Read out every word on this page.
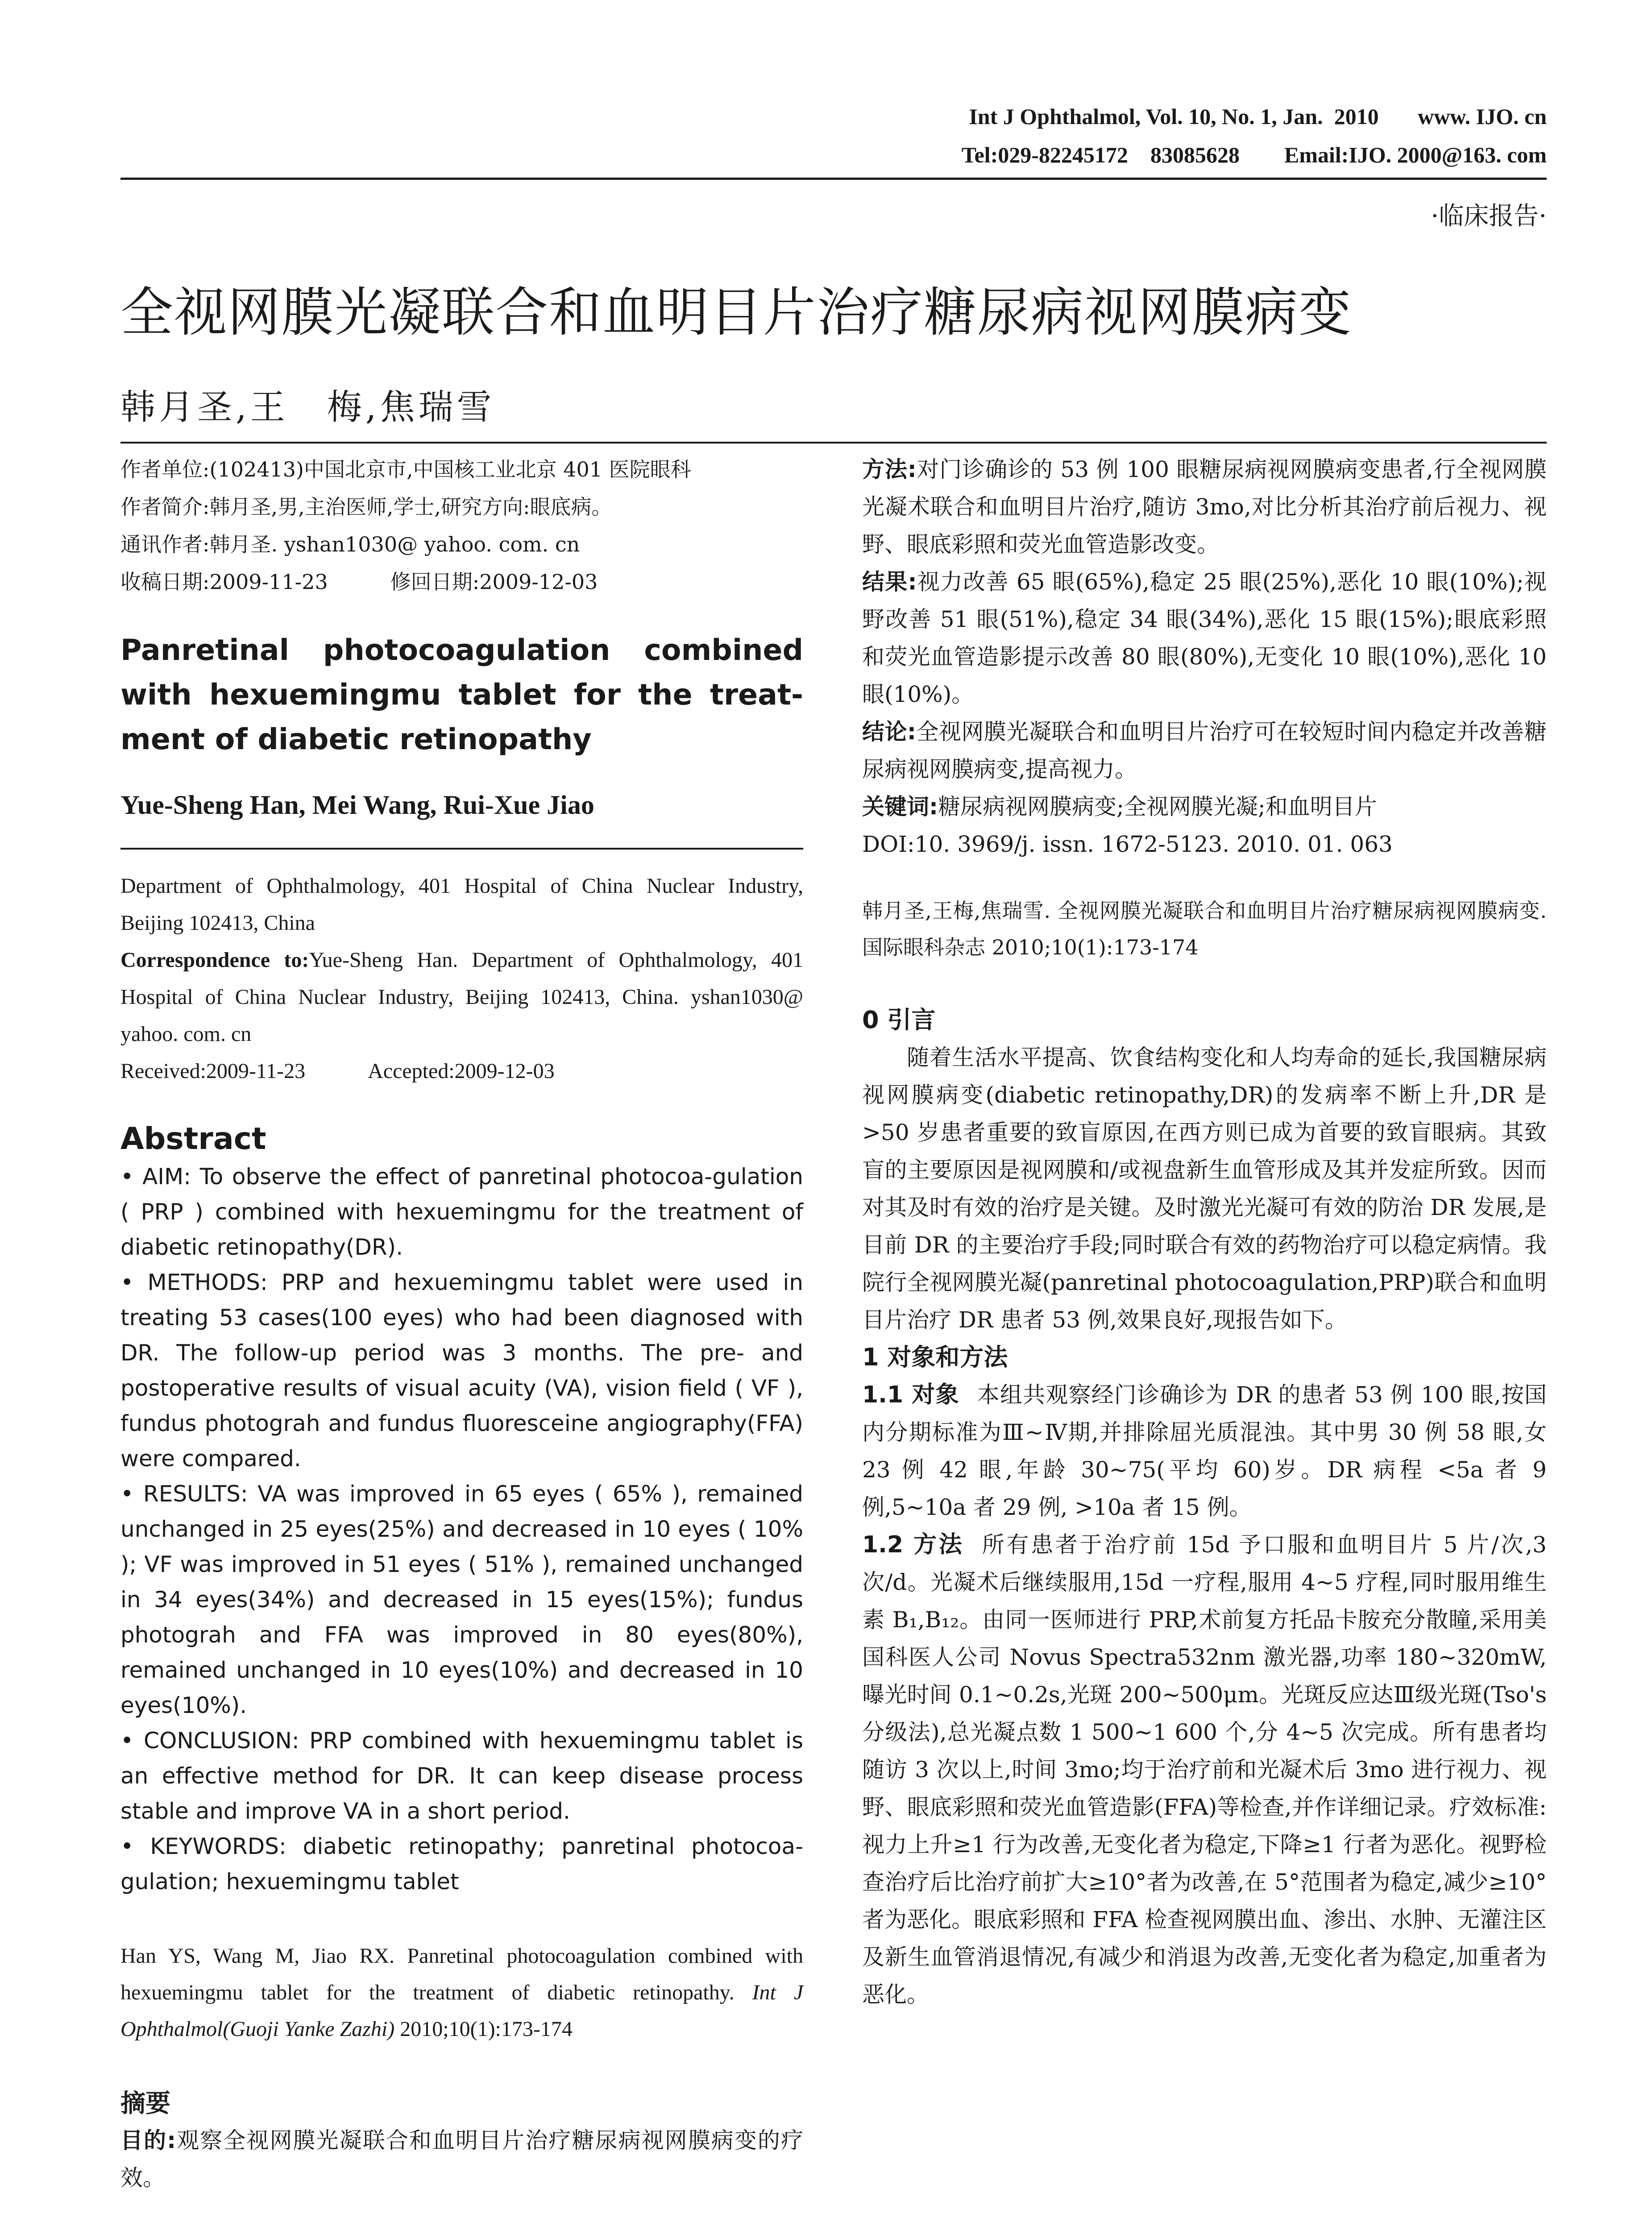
Int J Ophthalmol, Vol. 10, No. 1, Jan.  2010       www. IJO. cn
Tel:029-82245172    83085628        Email:IJO. 2000@163. com
·临床报告·
全视网膜光凝联合和血明目片治疗糖尿病视网膜病变
韩月圣,王　梅,焦瑞雪

作者单位:(102413)中国北京市,中国核工业北京 401 医院眼科

作者简介:韩月圣,男,主治医师,学士,研究方向:眼底病。

通讯作者:韩月圣. yshan1030@ yahoo. com. cn

收稿日期:2009-11-23	修回日期:2009-12-03

Panretinal photocoagulation combined
with hexuemingmu tablet for the treat-
ment of diabetic retinopathy
Yue-Sheng Han, Mei Wang, Rui-Xue Jiao

Department of Ophthalmology, 401 Hospital of China Nuclear Industry, Beijing 102413, China

Correspondence to:Yue-Sheng Han. Department of Ophthalmology, 401 Hospital of China Nuclear Industry, Beijing 102413, China. yshan1030@ yahoo. com. cn

Received:2009-11-23	Accepted:2009-12-03

Abstract

• AIM: To observe the effect of panretinal photocoa-gulation ( PRP ) combined with hexuemingmu for the treatment of diabetic retinopathy(DR).

• METHODS: PRP and hexuemingmu tablet were used in treating 53 cases(100 eyes) who had been diagnosed with DR. The follow-up period was 3 months. The pre- and postoperative results of visual acuity (VA), vision field ( VF ), fundus photograh and fundus fluoresceine angiography(FFA) were compared.

• RESULTS: VA was improved in 65 eyes ( 65% ), remained unchanged in 25 eyes(25%) and decreased in 10 eyes ( 10% ); VF was improved in 51 eyes ( 51% ), remained unchanged in 34 eyes(34%) and decreased in 15 eyes(15%); fundus photograh and FFA was improved in 80 eyes(80%), remained unchanged in 10 eyes(10%) and decreased in 10 eyes(10%).

• CONCLUSION: PRP combined with hexuemingmu tablet is an effective method for DR. It can keep disease process stable and improve VA in a short period.

• KEYWORDS: diabetic retinopathy; panretinal photocoa-gulation; hexuemingmu tablet

Han YS, Wang M, Jiao RX. Panretinal photocoagulation combined with hexuemingmu tablet for the treatment of diabetic retinopathy. Int J Ophthalmol(Guoji Yanke Zazhi) 2010;10(1):173-174

摘要

目的:观察全视网膜光凝联合和血明目片治疗糖尿病视网膜病变的疗效。

方法:对门诊确诊的 53 例 100 眼糖尿病视网膜病变患者,行全视网膜光凝术联合和血明目片治疗,随访 3mo,对比分析其治疗前后视力、视野、眼底彩照和荧光血管造影改变。

结果:视力改善 65 眼(65%),稳定 25 眼(25%),恶化 10 眼(10%);视野改善 51 眼(51%),稳定 34 眼(34%),恶化 15 眼(15%);眼底彩照和荧光血管造影提示改善 80 眼(80%),无变化 10 眼(10%),恶化 10 眼(10%)。

结论:全视网膜光凝联合和血明目片治疗可在较短时间内稳定并改善糖尿病视网膜病变,提高视力。

关键词:糖尿病视网膜病变;全视网膜光凝;和血明目片

DOI:10. 3969/j. issn. 1672-5123. 2010. 01. 063

韩月圣,王梅,焦瑞雪. 全视网膜光凝联合和血明目片治疗糖尿病视网膜病变. 国际眼科杂志 2010;10(1):173-174

0 引言

随着生活水平提高、饮食结构变化和人均寿命的延长,我国糖尿病视网膜病变(diabetic retinopathy,DR)的发病率不断上升,DR 是 >50 岁患者重要的致盲原因,在西方则已成为首要的致盲眼病。其致盲的主要原因是视网膜和/或视盘新生血管形成及其并发症所致。因而对其及时有效的治疗是关键。及时激光光凝可有效的防治 DR 发展,是目前 DR 的主要治疗手段;同时联合有效的药物治疗可以稳定病情。我院行全视网膜光凝(panretinal photocoagulation,PRP)联合和血明目片治疗 DR 患者 53 例,效果良好,现报告如下。

1 对象和方法

1.1 对象 本组共观察经门诊确诊为 DR 的患者 53 例 100 眼,按国内分期标准为Ⅲ~Ⅳ期,并排除屈光质混浊。其中男 30 例 58 眼,女 23 例 42 眼,年龄 30~75(平均 60)岁。DR 病程 <5a 者 9 例,5~10a 者 29 例, >10a 者 15 例。

1.2 方法 所有患者于治疗前 15d 予口服和血明目片 5 片/次,3 次/d。光凝术后继续服用,15d 一疗程,服用 4~5 疗程,同时服用维生素 B₁,B₁₂。由同一医师进行 PRP,术前复方托品卡胺充分散瞳,采用美国科医人公司 Novus Spectra532nm 激光器,功率 180~320mW,曝光时间 0.1~0.2s,光斑 200~500μm。光斑反应达Ⅲ级光斑(Tso's 分级法),总光凝点数 1 500~1 600 个,分 4~5 次完成。所有患者均随访 3 次以上,时间 3mo;均于治疗前和光凝术后 3mo 进行视力、视野、眼底彩照和荧光血管造影(FFA)等检查,并作详细记录。疗效标准:视力上升≥1 行为改善,无变化者为稳定,下降≥1 行者为恶化。视野检查治疗后比治疗前扩大≥10°者为改善,在 5°范围者为稳定,减少≥10°者为恶化。眼底彩照和 FFA 检查视网膜出血、渗出、水肿、无灌注区及新生血管消退情况,有减少和消退为改善,无变化者为稳定,加重者为恶化。
